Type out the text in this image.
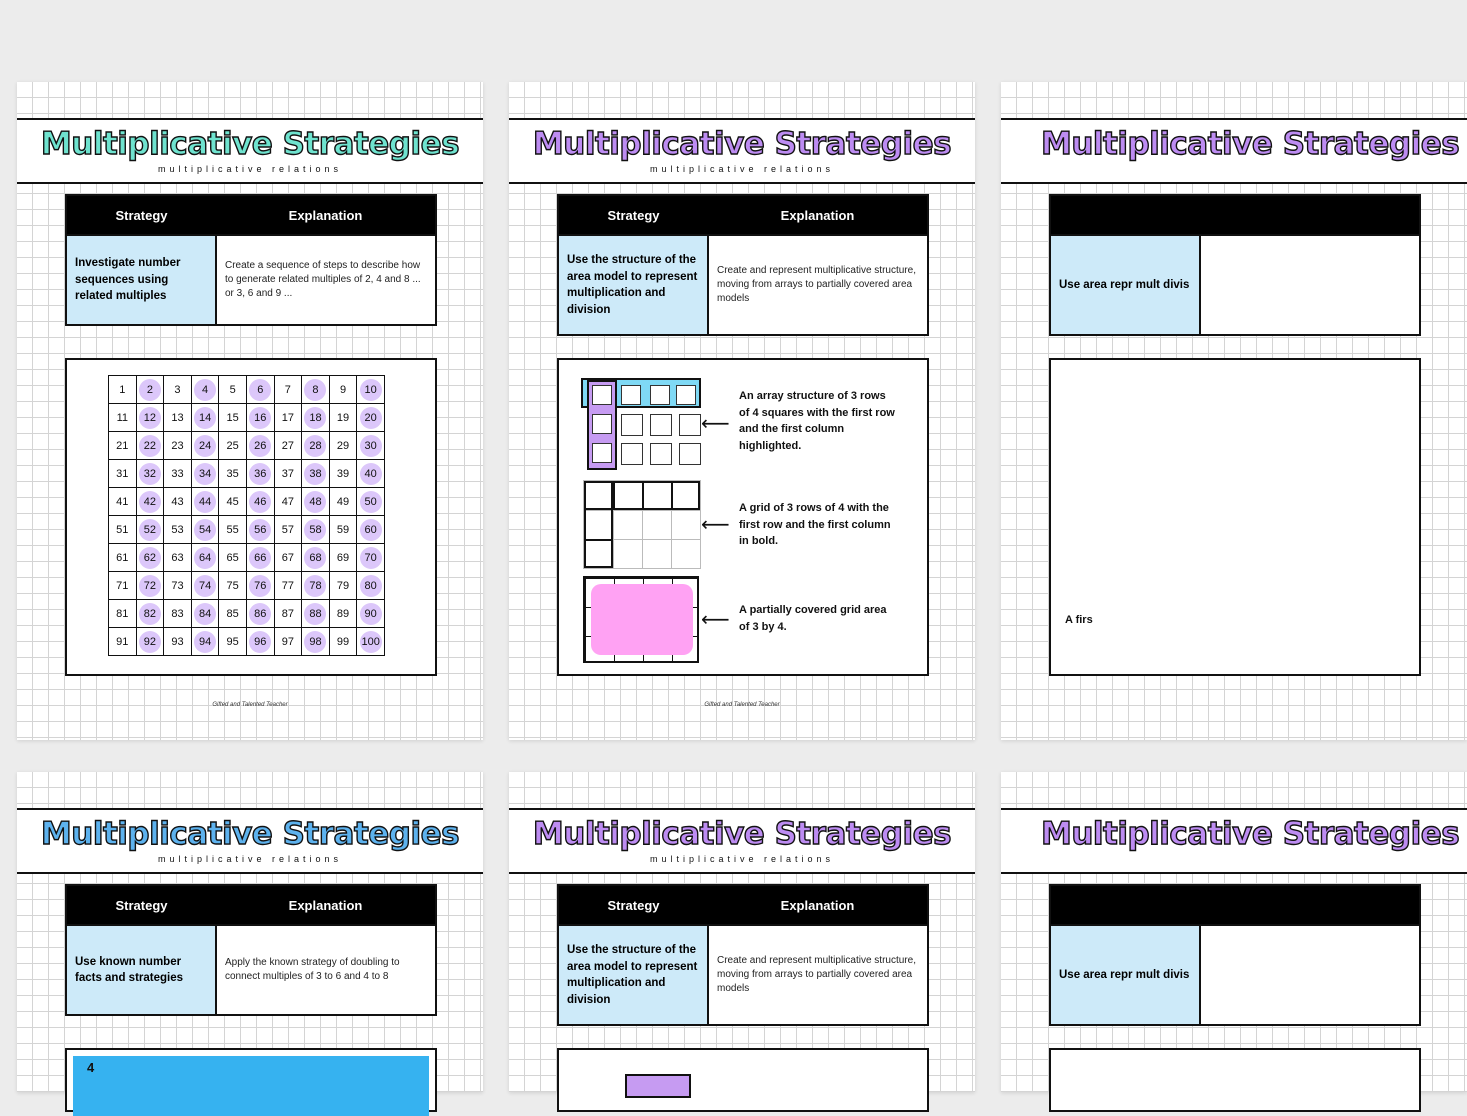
Multiplicative Strategies
multiplicative relations
Strategy	Explanation
Investigate number sequences using related multiples	Create a sequence of steps to describe how to generate related multiples of 2, 4 and 8 ... or 3, 6 and 9 ...
1	2	3	4	5	6	7	8	9	10
11	12	13	14	15	16	17	18	19	20
21	22	23	24	25	26	27	28	29	30
31	32	33	34	35	36	37	38	39	40
41	42	43	44	45	46	47	48	49	50
51	52	53	54	55	56	57	58	59	60
61	62	63	64	65	66	67	68	69	70
71	72	73	74	75	76	77	78	79	80
81	82	83	84	85	86	87	88	89	90
91	92	93	94	95	96	97	98	99	100
Gifted and Talented Teacher
Multiplicative Strategies
multiplicative relations
Strategy	Explanation
Use the structure of the area model to represent multiplication and division	Create and represent multiplicative structure, moving from arrays to partially covered area models
⟵
An array structure of 3 rows of 4 squares with the first row and the first column highlighted.
⟵
A grid of 3 rows of 4 with the first row and the first column in bold.
⟵ A partially covered grid area of 3 by 4.
Gifted and Talented Teacher
Multiplicative Strategies

Use area repr mult divis	
A firs
Multiplicative Strategies
multiplicative relations
Strategy	Explanation
Use known number facts and strategies	Apply the known strategy of doubling to connect multiples of 3 to 6 and 4 to 8
4
Multiplicative Strategies
multiplicative relations
Strategy	Explanation
Use the structure of the area model to represent multiplication and division	Create and represent multiplicative structure, moving from arrays to partially covered area models
Multiplicative Strategies

Use area repr mult divis	
